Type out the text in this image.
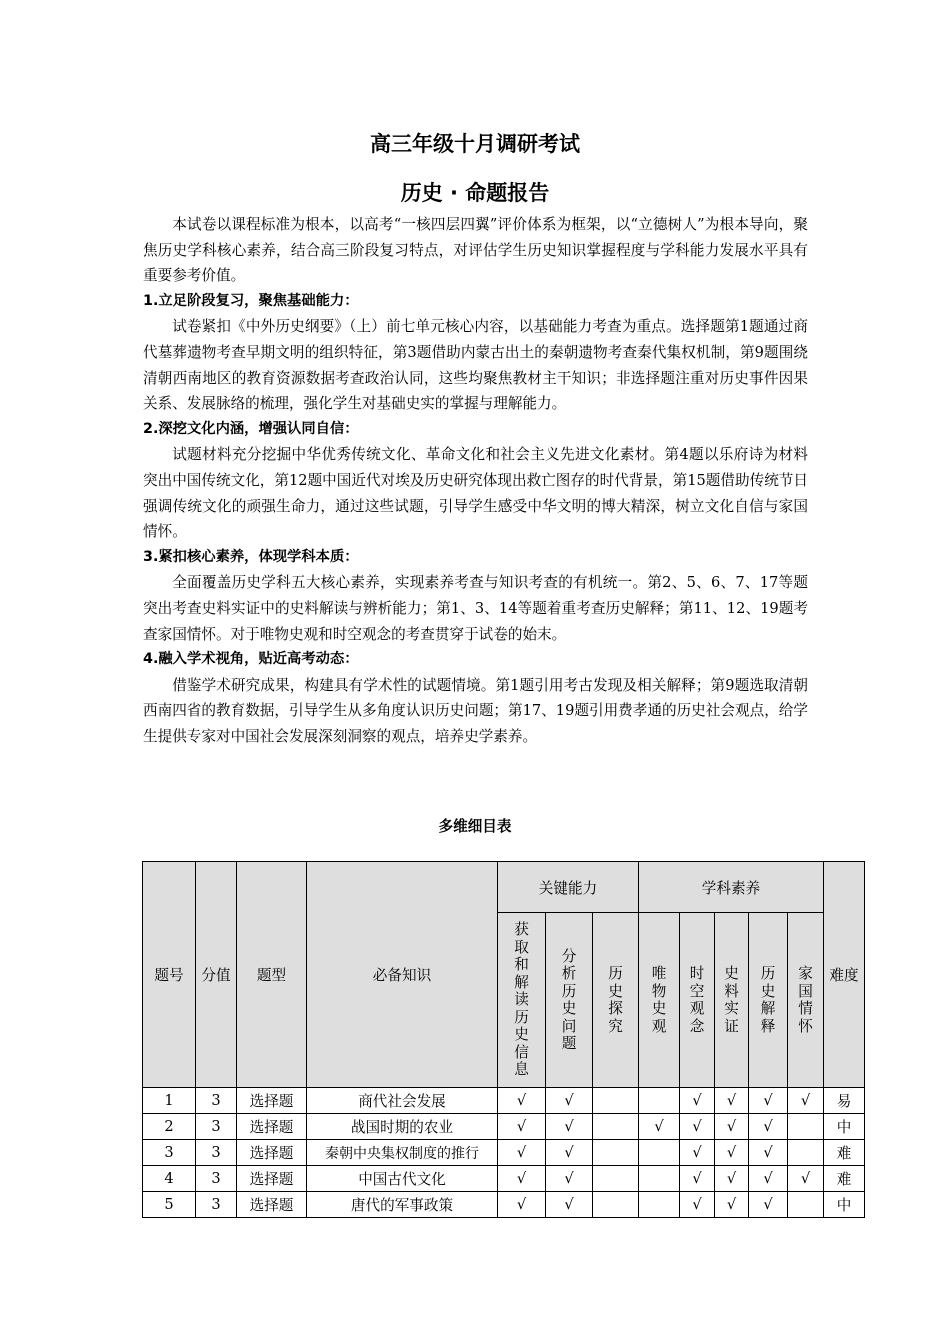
高三年级十月调研考试
历史 · 命题报告

本试卷以课程标准为根本，以高考“一核四层四翼”评价体系为框架，以“立德树人”为根本导向，聚焦历史学科核心素养，结合高三阶段复习特点，对评估学生历史知识掌握程度与学科能力发展水平具有重要参考价值。

1.立足阶段复习，聚焦基础能力：

试卷紧扣《中外历史纲要》（上）前七单元核心内容，以基础能力考查为重点。选择题第1题通过商代墓葬遗物考查早期文明的组织特征，第3题借助内蒙古出土的秦朝遗物考查秦代集权机制，第9题围绕清朝西南地区的教育资源数据考查政治认同，这些均聚焦教材主干知识；非选择题注重对历史事件因果关系、发展脉络的梳理，强化学生对基础史实的掌握与理解能力。

2.深挖文化内涵，增强认同自信：

试题材料充分挖掘中华优秀传统文化、革命文化和社会主义先进文化素材。第4题以乐府诗为材料突出中国传统文化，第12题中国近代对埃及历史研究体现出救亡图存的时代背景，第15题借助传统节日强调传统文化的顽强生命力，通过这些试题，引导学生感受中华文明的博大精深，树立文化自信与家国情怀。

3.紧扣核心素养，体现学科本质：

全面覆盖历史学科五大核心素养，实现素养考查与知识考查的有机统一。第2、5、6、7、17等题突出考查史料实证中的史料解读与辨析能力；第1、3、14等题着重考查历史解释；第11、12、19题考查家国情怀。对于唯物史观和时空观念的考查贯穿于试卷的始末。

4.融入学术视角，贴近高考动态：

借鉴学术研究成果，构建具有学术性的试题情境。第1题引用考古发现及相关解释；第9题选取清朝西南四省的教育数据，引导学生从多角度认识历史问题；第17、19题引用费孝通的历史社会观点，给学生提供专家对中国社会发展深刻洞察的观点，培养史学素养。

多维细目表
题号	分值	题型	必备知识	关键能力			学科素养					难度
				获取和解读历史信息	分析历史问题	历史探究	唯物史观	时空观念	史料实证	历史解释	家国情怀	
1	3	选择题	商代社会发展	√	√			√	√	√	√	易
2	3	选择题	战国时期的农业	√	√		√	√	√	√		中
3	3	选择题	秦朝中央集权制度的推行	√	√			√	√	√		难
4	3	选择题	中国古代文化	√	√			√	√	√	√	难
5	3	选择题	唐代的军事政策	√	√			√	√	√		中
